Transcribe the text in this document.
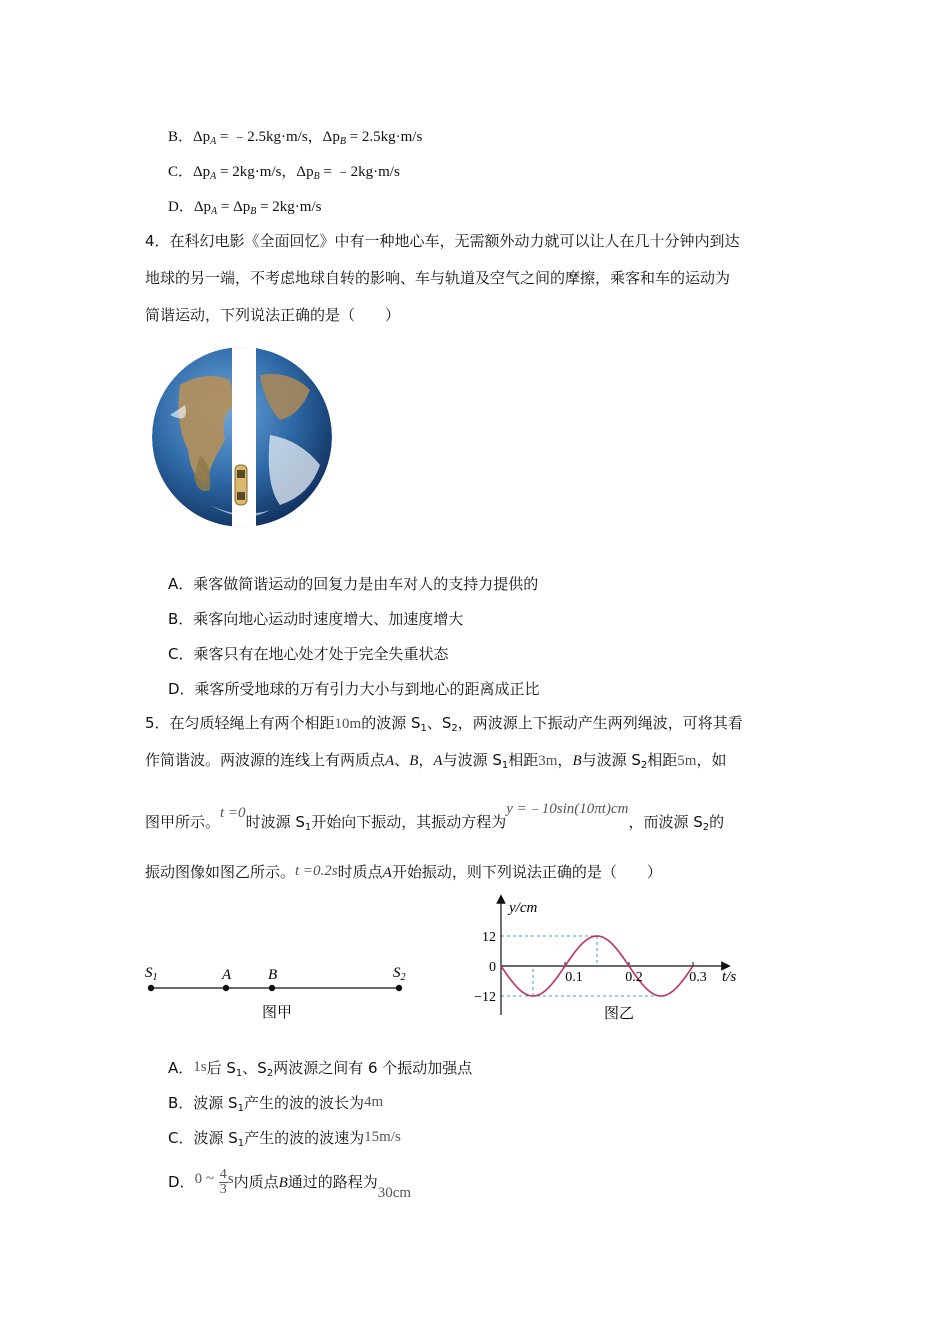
B．$\Delta p_A$ = ﹣2.5kg·m/s，$\Delta p_B = 2.5kg\cdot m/s$
C．$\Delta p_A = 2kg\cdot m/s$，$\Delta p_B$ = ﹣2kg·m/s
D．$\Delta p_A = \Delta p_B = 2kg\cdot m/s$
4．在科幻电影《全面回忆》中有一种地心车，无需额外动力就可以让人在几十分钟内到达
地球的另一端，不考虑地球自转的影响、车与轨道及空气之间的摩擦，乘客和车的运动为
简谐运动，下列说法正确的是（　　）
A．乘客做简谐运动的回复力是由车对人的支持力提供的
B．乘客向地心运动时速度增大、加速度增大
C．乘客只有在地心处才处于完全失重状态
D．乘客所受地球的万有引力大小与到地心的距离成正比
5．在匀质轻绳上有两个相距10m的波源 $S_1$、$S_2$，两波源上下振动产生两列绳波，可将其看
作简谐波。两波源的连线上有两质点A、B，A与波源 $S_1$相距3m，B与波源 $S_2$相距5m，如
图甲所示。t =0时波源 $S_1$开始向下振动，其振动方程为y =﹣10sin(10πt)cm，而波源 $S_2$的
振动图像如图乙所示。t =0.2s时质点A开始振动，则下列说法正确的是（　　）
$S_1$	A B	$S_2$
图甲
y/cm
t/s
12
0
−12
0.1	0.2	0.3
图乙
A．1s后 $S_1$、$S_2$两波源之间有 6 个振动加强点
B．波源 $S_1$产生的波的波长为4m
C．波源 $S_1$产生的波的波速为15m/s
D．0 ~ $\frac{4}{3}$ s内质点B通过的路程为30cm
